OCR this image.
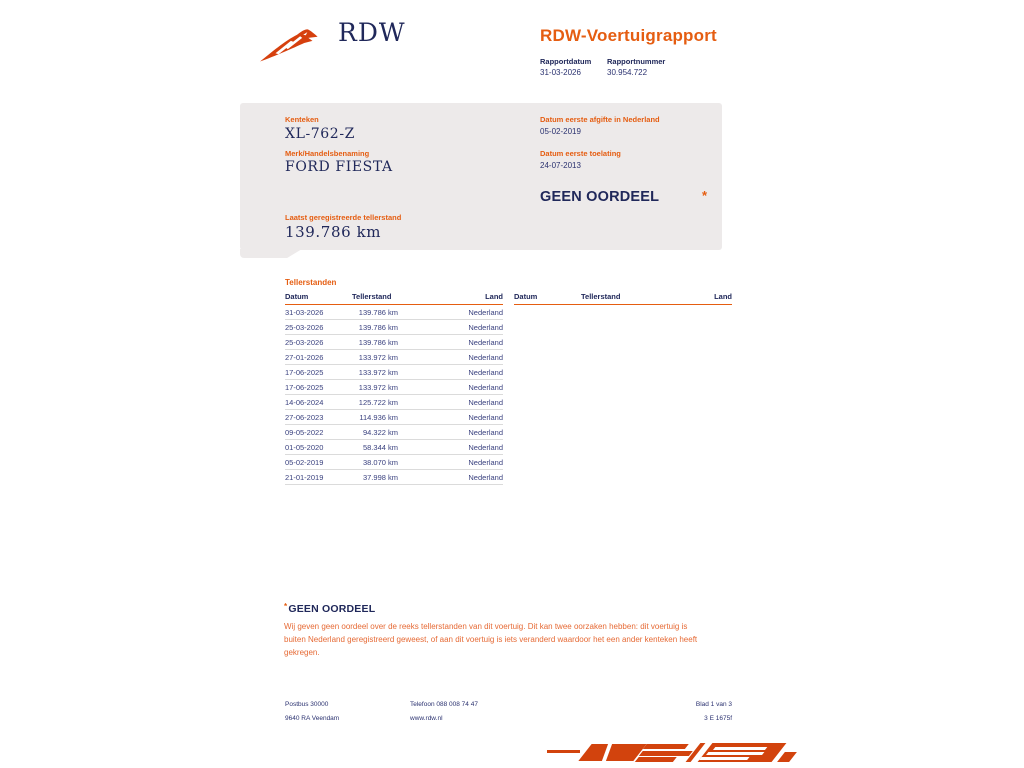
RDW	RDW-Voertuigrapport
Rapportdatum Rapportnummer
31-03-2026	30.954.722
Kenteken
XL-762-Z
Merk/Handelsbenaming
FORD FIESTA
Laatst geregistreerde tellerstand
139.786 km
Datum eerste afgifte in Nederland
05-02-2019
Datum eerste toelating
24-07-2013
GEEN OORDEEL	*
Tellerstanden
Datum	Tellerstand	Land
31-03-2026	139.786 km	Nederland
25-03-2026	139.786 km	Nederland
25-03-2026	139.786 km	Nederland
27-01-2026	133.972 km	Nederland
17-06-2025	133.972 km	Nederland
17-06-2025	133.972 km	Nederland
14-06-2024	125.722 km	Nederland
27-06-2023	114.936 km	Nederland
09-05-2022	94.322 km	Nederland
01-05-2020	58.344 km	Nederland
05-02-2019	38.070 km	Nederland
21-01-2019	37.998 km	Nederland
Datum	Tellerstand	Land
*GEEN OORDEEL
Wij geven geen oordeel over de reeks tellerstanden van dit voertuig. Dit kan twee oorzaken hebben: dit voertuig is buiten Nederland geregistreerd geweest, of aan dit voertuig is iets veranderd waardoor het een ander kenteken heeft gekregen.
Postbus 30000
9640 RA Veendam
Telefoon 088 008 74 47
www.rdw.nl
Blad 1 van 3
3 E 1675f
